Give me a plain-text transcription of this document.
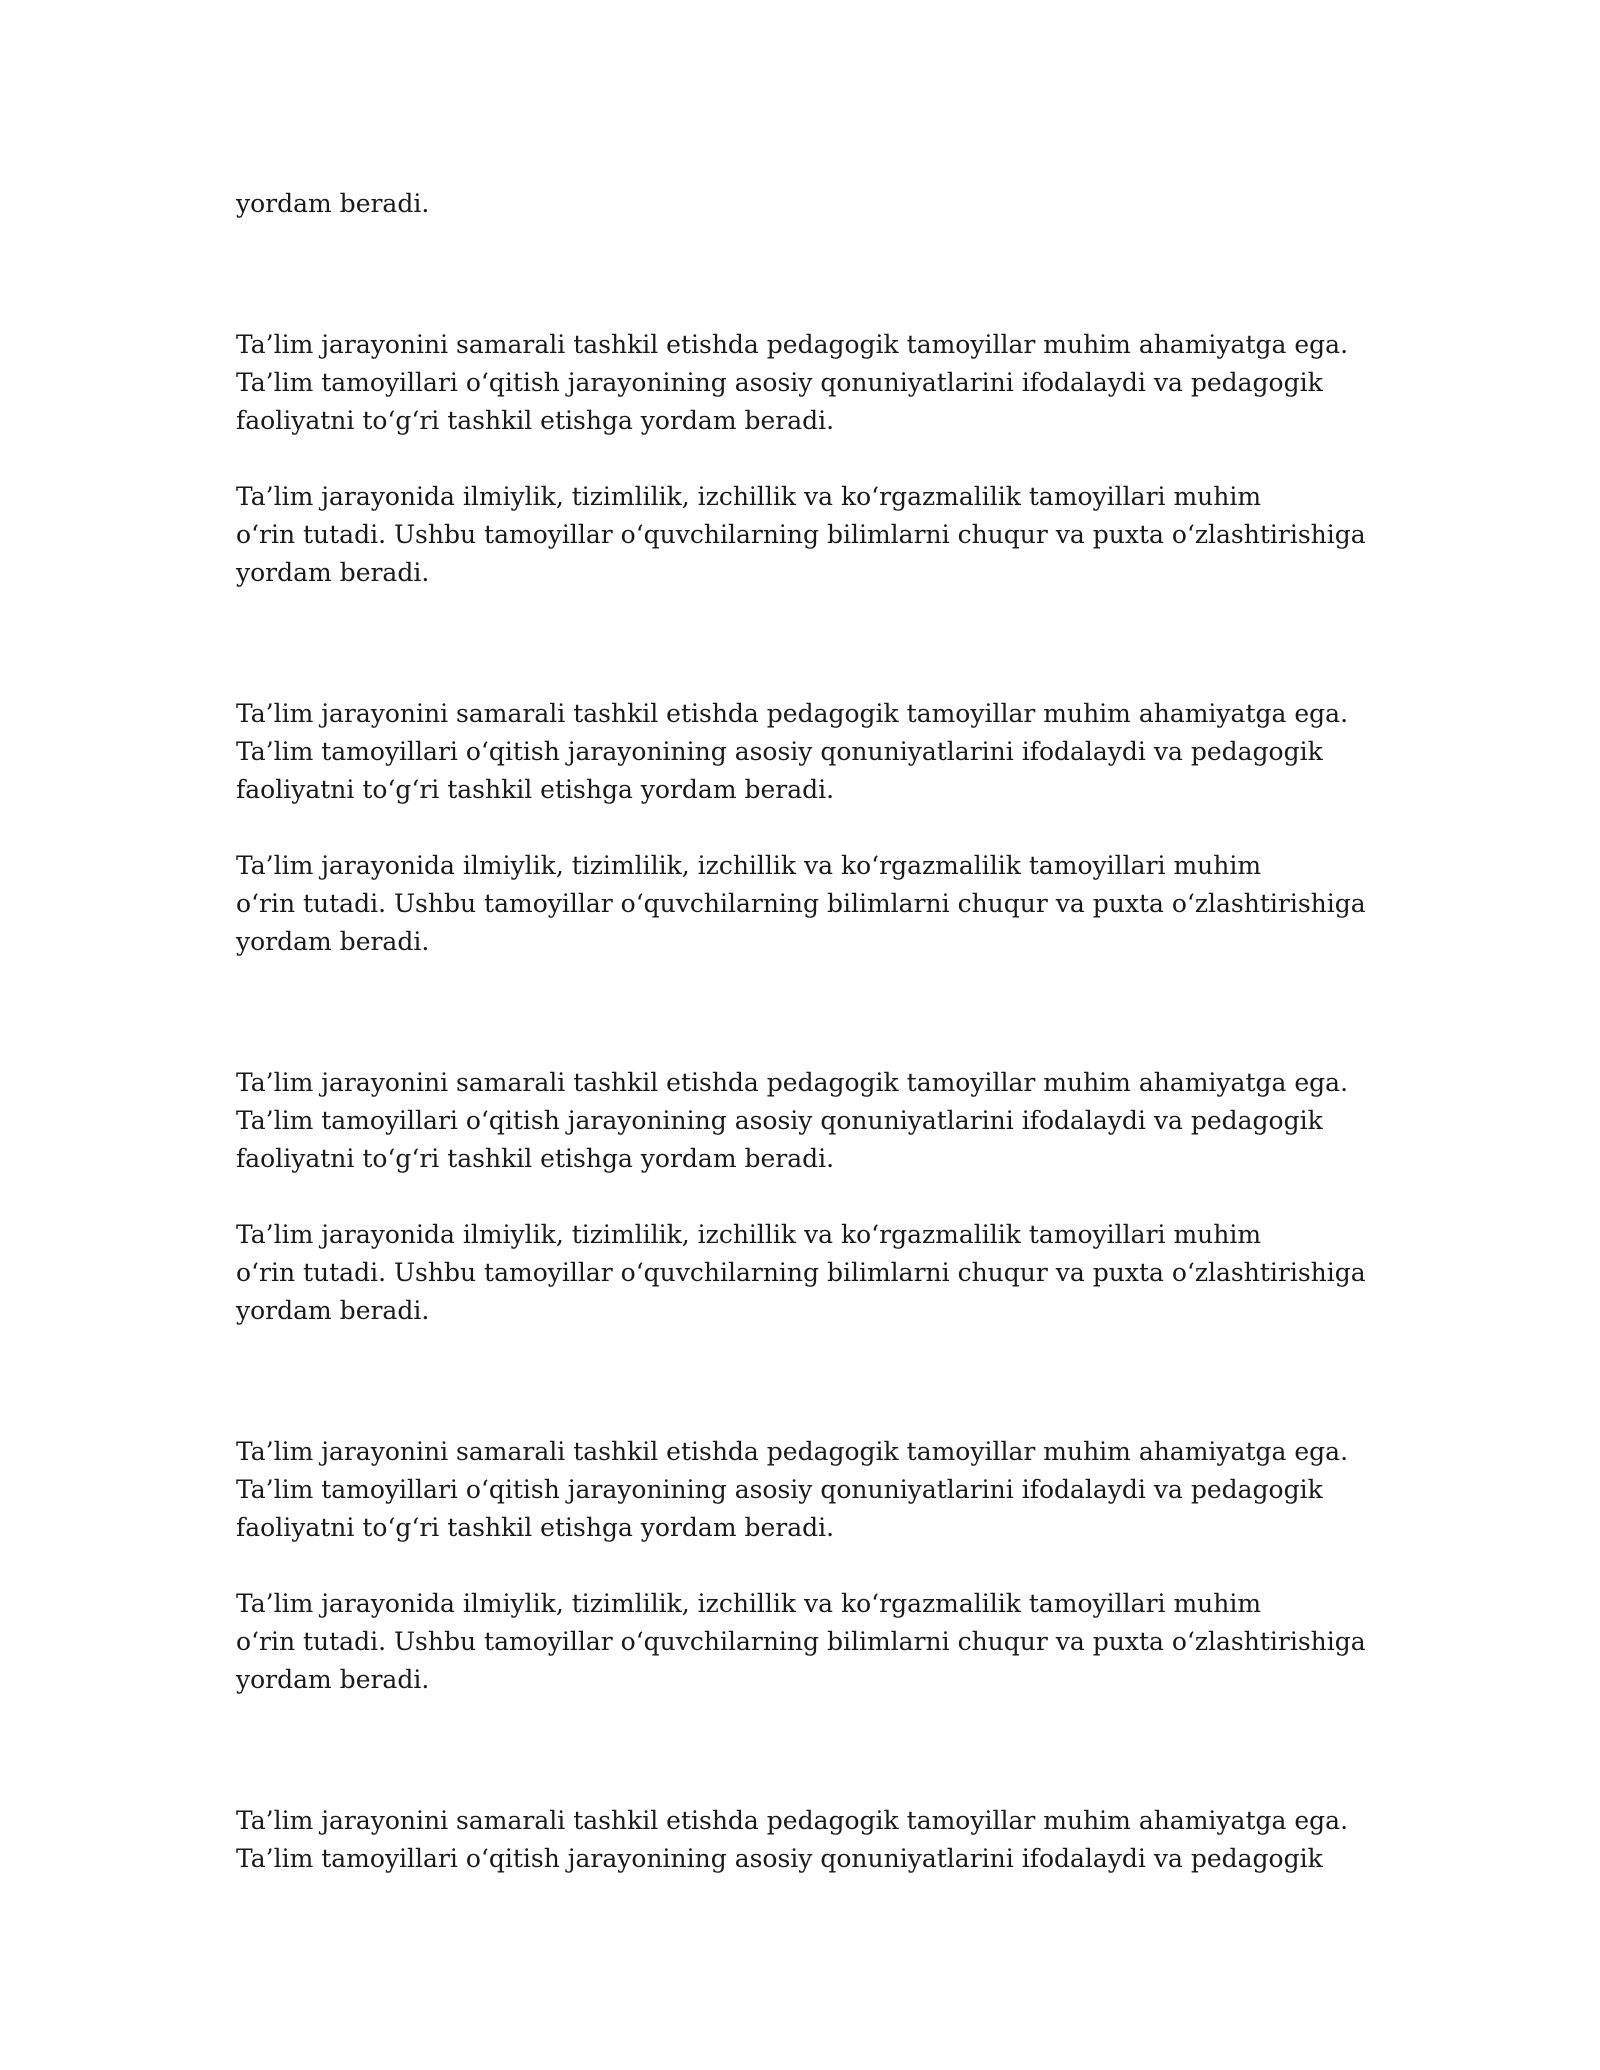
yordam beradi.

Ta’lim jarayonini samarali tashkil etishda pedagogik tamoyillar muhim ahamiyatga ega.
Ta’lim tamoyillari o‘qitish jarayonining asosiy qonuniyatlarini ifodalaydi va pedagogik
faoliyatni to‘g‘ri tashkil etishga yordam beradi.

Ta’lim jarayonida ilmiylik, tizimlilik, izchillik va ko‘rgazmalilik tamoyillari muhim
o‘rin tutadi. Ushbu tamoyillar o‘quvchilarning bilimlarni chuqur va puxta o‘zlashtirishiga
yordam beradi.

Ta’lim jarayonini samarali tashkil etishda pedagogik tamoyillar muhim ahamiyatga ega.
Ta’lim tamoyillari o‘qitish jarayonining asosiy qonuniyatlarini ifodalaydi va pedagogik
faoliyatni to‘g‘ri tashkil etishga yordam beradi.

Ta’lim jarayonida ilmiylik, tizimlilik, izchillik va ko‘rgazmalilik tamoyillari muhim
o‘rin tutadi. Ushbu tamoyillar o‘quvchilarning bilimlarni chuqur va puxta o‘zlashtirishiga
yordam beradi.

Ta’lim jarayonini samarali tashkil etishda pedagogik tamoyillar muhim ahamiyatga ega.
Ta’lim tamoyillari o‘qitish jarayonining asosiy qonuniyatlarini ifodalaydi va pedagogik
faoliyatni to‘g‘ri tashkil etishga yordam beradi.

Ta’lim jarayonida ilmiylik, tizimlilik, izchillik va ko‘rgazmalilik tamoyillari muhim
o‘rin tutadi. Ushbu tamoyillar o‘quvchilarning bilimlarni chuqur va puxta o‘zlashtirishiga
yordam beradi.

Ta’lim jarayonini samarali tashkil etishda pedagogik tamoyillar muhim ahamiyatga ega.
Ta’lim tamoyillari o‘qitish jarayonining asosiy qonuniyatlarini ifodalaydi va pedagogik
faoliyatni to‘g‘ri tashkil etishga yordam beradi.

Ta’lim jarayonida ilmiylik, tizimlilik, izchillik va ko‘rgazmalilik tamoyillari muhim
o‘rin tutadi. Ushbu tamoyillar o‘quvchilarning bilimlarni chuqur va puxta o‘zlashtirishiga
yordam beradi.

Ta’lim jarayonini samarali tashkil etishda pedagogik tamoyillar muhim ahamiyatga ega.
Ta’lim tamoyillari o‘qitish jarayonining asosiy qonuniyatlarini ifodalaydi va pedagogik
